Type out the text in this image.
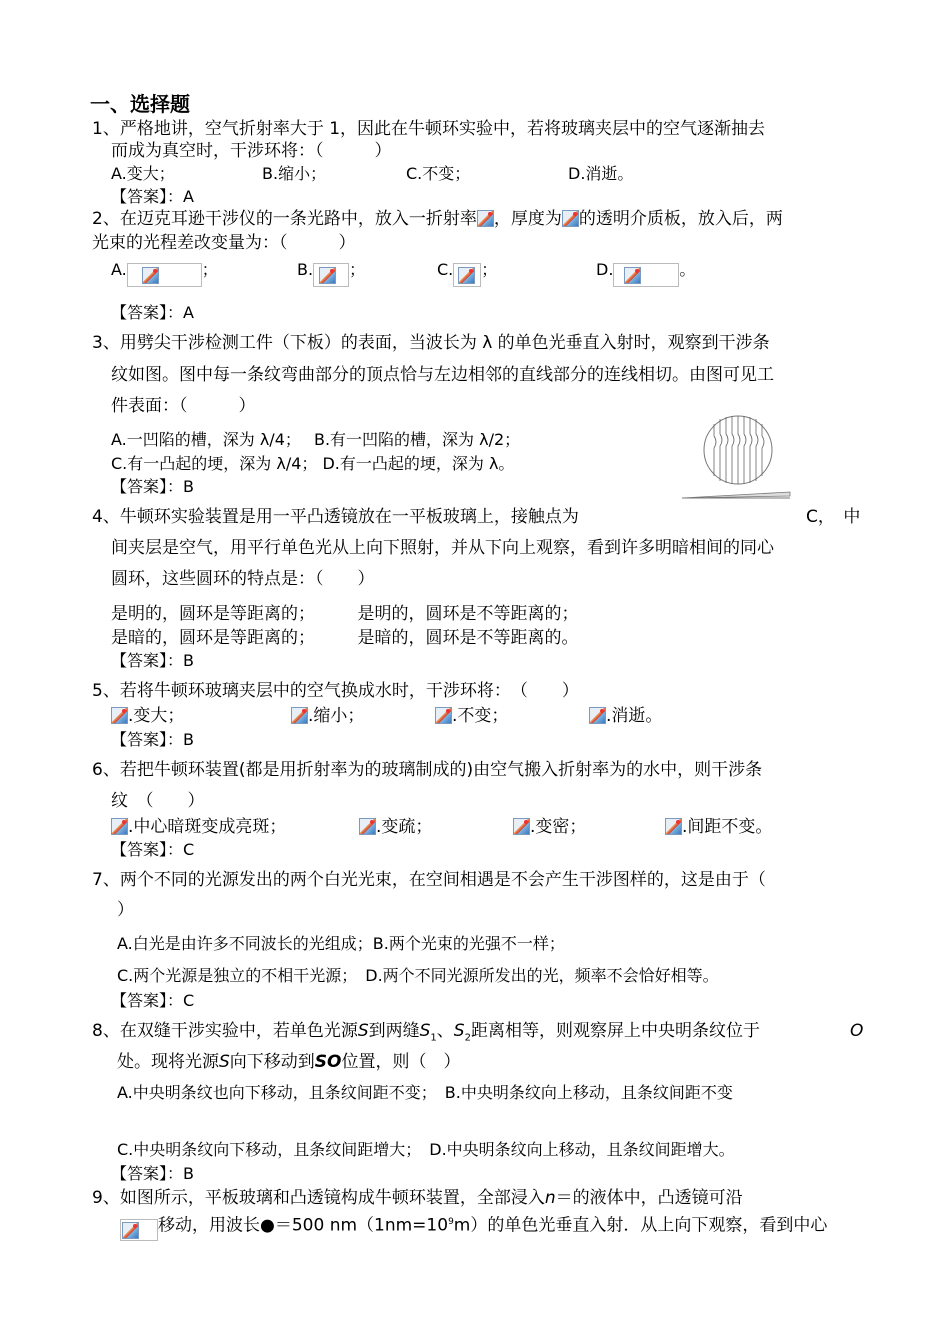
一、选择题
1、严格地讲，空气折射率大于 1，因此在牛顿环实验中，若将玻璃夹层中的空气逐渐抽去
而成为真空时，干涉环将：（　　　）
A.变大；	B.缩小；	C.不变；	D.消逝。
【答案】：A
2、在迈克耳逊干涉仪的一条光路中，放入一折射率 ，厚度为 的透明介质板，放入后，两
光束的光程差改变量为：（　　　）
A.	；	B. ；	C. ；	D.	。
【答案】：A
3、用劈尖干涉检测工件（下板）的表面，当波长为 λ 的单色光垂直入射时，观察到干涉条
纹如图。图中每一条纹弯曲部分的顶点恰与左边相邻的直线部分的连线相切。由图可见工
件表面：（　　　）
A.一凹陷的槽，深为 λ/4；　 B.有一凹陷的槽，深为 λ/2；
C.有一凸起的埂，深为 λ/4； D.有一凸起的埂，深为 λ。
【答案】：B
4、牛顿环实验装置是用一平凸透镜放在一平板玻璃上，接触点为	C，　中
间夹层是空气，用平行单色光从上向下照射，并从下向上观察，看到许多明暗相间的同心
圆环，这些圆环的特点是：（　　）
是明的，圆环是等距离的；　　　是明的，圆环是不等距离的；
是暗的，圆环是等距离的；　　　是暗的，圆环是不等距离的。
【答案】：B
5、若将牛顿环玻璃夹层中的空气换成水时，干涉环将：　（　　）
.变大；	.缩小；	.不变；	.消逝。
【答案】：B
6、若把牛顿环装置(都是用折射率为的玻璃制成的)由空气搬入折射率为的水中，则干涉条
纹　（　　）
.中心暗斑变成亮斑；	.变疏；	.变密；	.间距不变。
【答案】：C
7、两个不同的光源发出的两个白光光束，在空间相遇是不会产生干涉图样的，这是由于（
）
A.白光是由许多不同波长的光组成；B.两个光束的光强不一样；
C.两个光源是独立的不相干光源；　D.两个不同光源所发出的光，频率不会恰好相等。
【答案】：C
8、在双缝干涉实验中，若单色光源S到两缝$S_1$、$S_2$距离相等，则观察屏上中央明条纹位于	O
处。现将光源S向下移动到SO位置，则（　）
A.中央明条纹也向下移动，且条纹间距不变；　B.中央明条纹向上移动，且条纹间距不变
C.中央明条纹向下移动，且条纹间距增大；　D.中央明条纹向上移动，且条纹间距增大。
【答案】：B
9、如图所示，平板玻璃和凸透镜构成牛顿环装置，全部浸入n＝的液体中，凸透镜可沿
移动，用波长●＝500 $nm(1nm=10^9m)$的单色光垂直入射．从上向下观察，看到中心
